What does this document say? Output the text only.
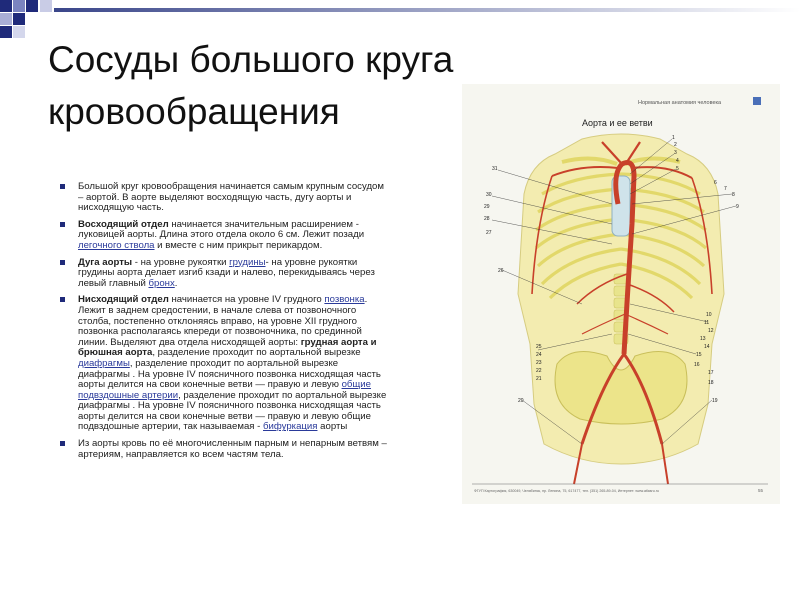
Сосуды большого круга
кровообращения
Большой круг кровообращения начинается самым крупным сосудом – аортой. В аорте выделяют восходящую часть, дугу аорты и нисходящую часть.
Восходящий отдел начинается значительным расширением - луковицей аорты. Длина этого отдела около 6 см. Лежит позади легочного ствола и вместе с ним прикрыт перикардом.
Дуга аорты - на уровне рукоятки грудины- на уровне рукоятки грудины аорта делает изгиб кзади и налево, перекидываясь через левый главный бронх.
Нисходящий отдел начинается на уровне IV грудного позвонка. Лежит в заднем средостении, в начале слева от позвоночного столба, постепенно отклоняясь вправо, на уровне XII грудного позвонка располагаясь кпереди от позвоночника, по срединной линии. Выделяют два отдела нисходящей аорты: грудная аорта и брюшная аорта, разделение проходит по аортальной вырезке диафрагмы, разделение проходит по аортальной вырезке диафрагмы . На уровне IV поясничного позвонка нисходящая часть аорты делится на свои конечные ветви — правую и левую общие подвздошные артерии, разделение проходит по аортальной вырезке диафрагмы . На уровне IV поясничного позвонка нисходящая часть аорты делится на свои конечные ветви — правую и левую общие подвздошные артерии, так называемая - бифуркация аорты
Из аорты кровь по её многочисленным парным и непарным ветвям – артериям, направляется ко всем частям тела.
Нормальная анатомия человека
Аорта и ее ветви
1
2
3
4
5
6
7
8
9
10
11
12
13
14
15
16
17
18
19
31
30
29
28
27
26
25
24
23
22
21
20
ФГУП Картография, 630049, Челябинск, пр. Ленина, 75, 617477, тел. (351) 265-89-04, Интернет: www.atlasru.ru	55
